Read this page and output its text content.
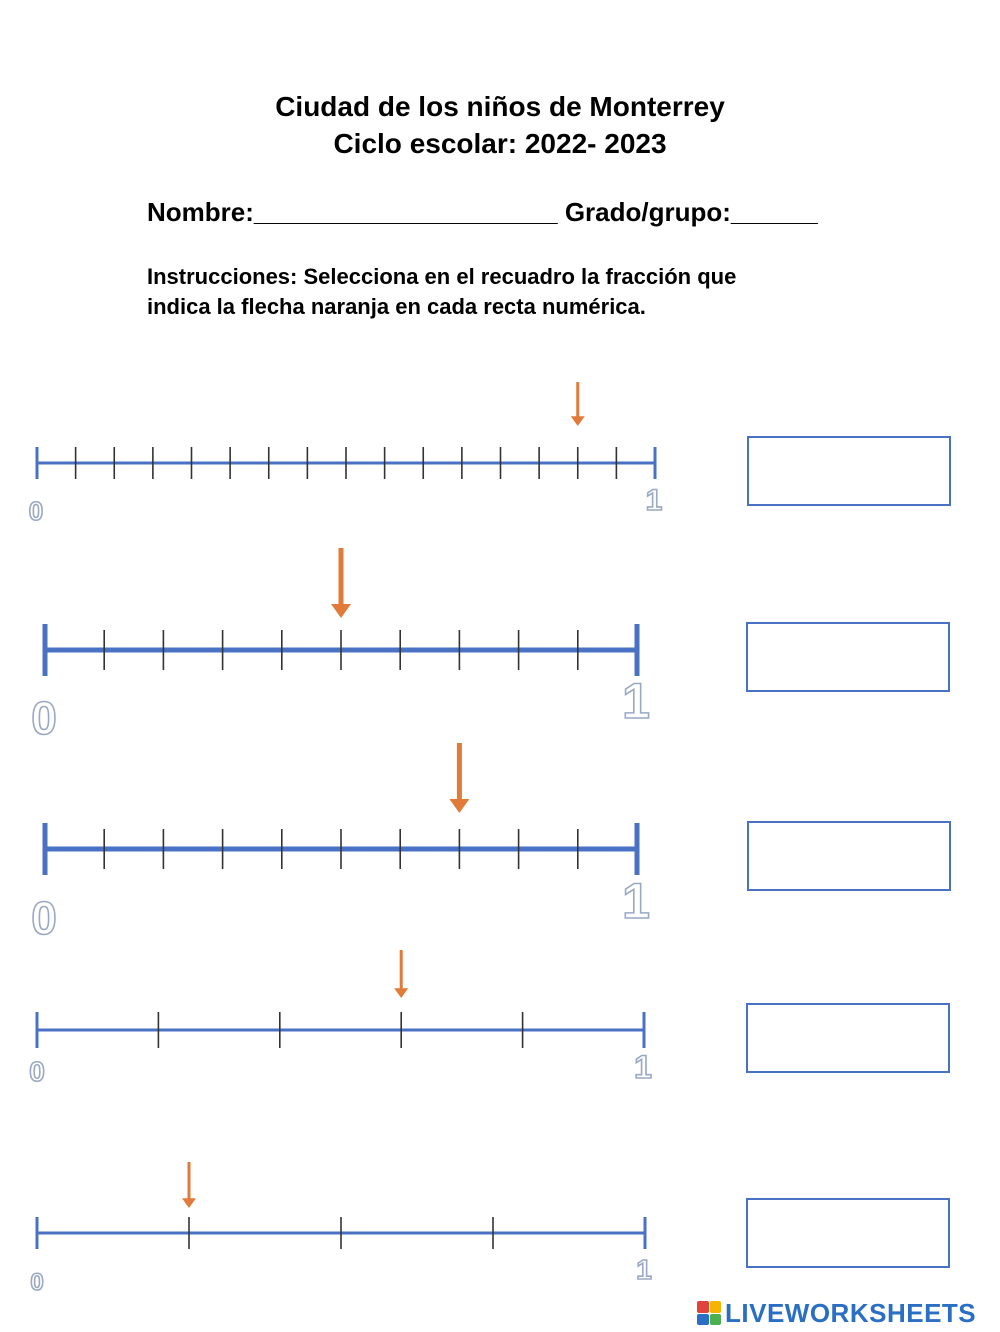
Ciudad de los niños de Monterrey
Ciclo escolar: 2022- 2023
Nombre:_____________________ Grado/grupo:______
Instrucciones: Selecciona en el recuadro la fracción que
indica la flecha naranja en cada recta numérica.
0	1
0	1
0	1
0	1
0	1
LIVEWORKSHEETS
